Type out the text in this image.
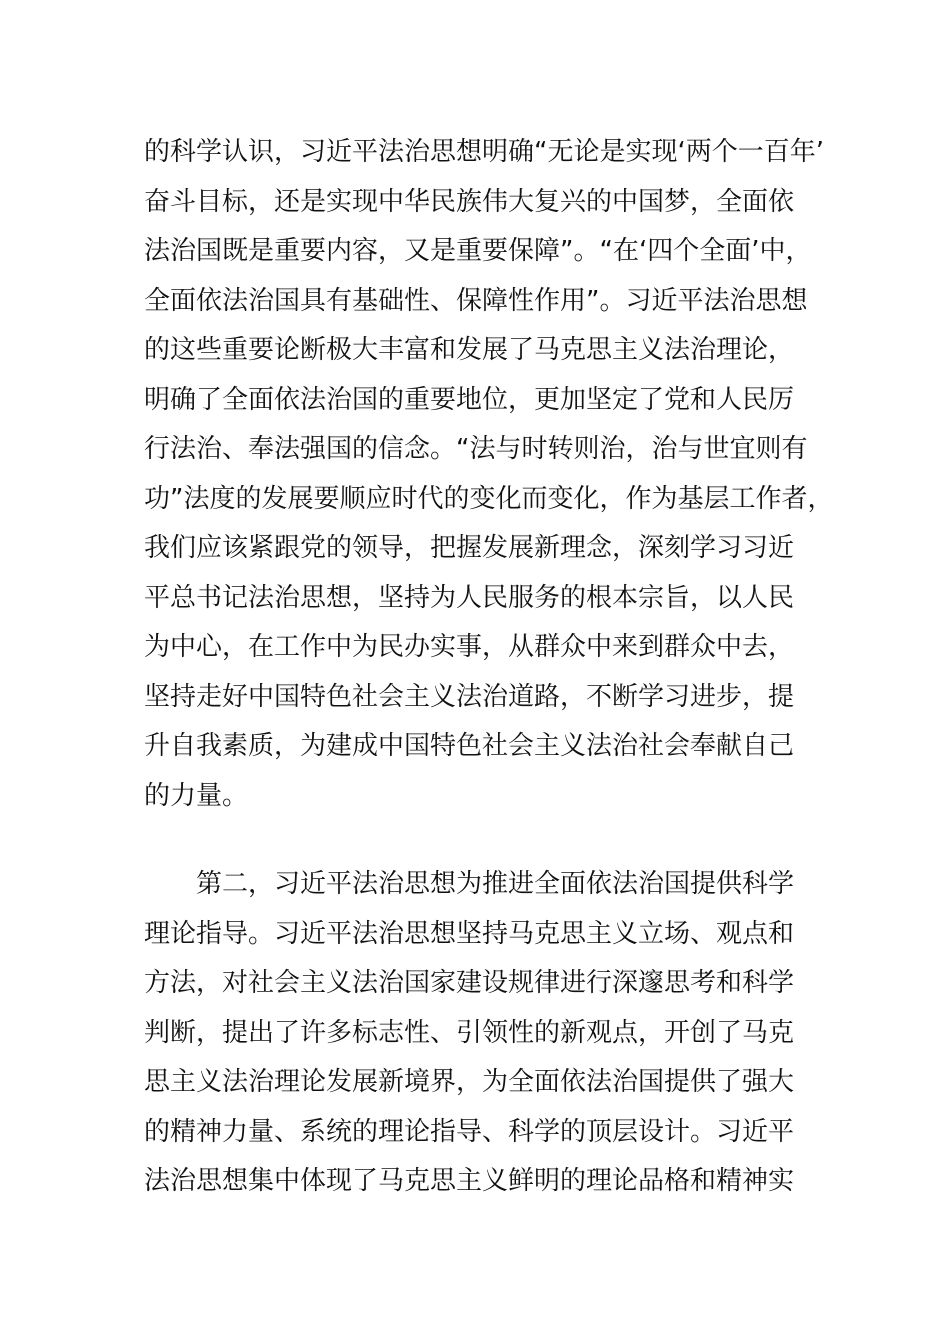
的科学认识，习近平法治思想明确“无论是实现‘两个一百年’
奋斗目标，还是实现中华民族伟大复兴的中国梦，全面依
法治国既是重要内容，又是重要保障”。“在‘四个全面’中，
全面依法治国具有基础性、保障性作用”。习近平法治思想
的这些重要论断极大丰富和发展了马克思主义法治理论，
明确了全面依法治国的重要地位，更加坚定了党和人民厉
行法治、奉法强国的信念。“法与时转则治，治与世宜则有
功”法度的发展要顺应时代的变化而变化，作为基层工作者，
我们应该紧跟党的领导，把握发展新理念，深刻学习习近
平总书记法治思想，坚持为人民服务的根本宗旨，以人民
为中心，在工作中为民办实事，从群众中来到群众中去，
坚持走好中国特色社会主义法治道路，不断学习进步，提
升自我素质，为建成中国特色社会主义法治社会奉献自己
的力量。
第二，习近平法治思想为推进全面依法治国提供科学
理论指导。习近平法治思想坚持马克思主义立场、观点和
方法，对社会主义法治国家建设规律进行深邃思考和科学
判断，提出了许多标志性、引领性的新观点，开创了马克
思主义法治理论发展新境界，为全面依法治国提供了强大
的精神力量、系统的理论指导、科学的顶层设计。习近平
法治思想集中体现了马克思主义鲜明的理论品格和精神实
